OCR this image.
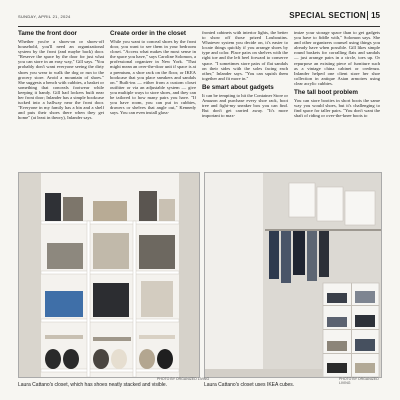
SUNDAY, APRIL 21, 2024	SPECIAL SECTION 15
Tame the front door

Whether you're a shoes-on or shoes-off household, you'll need an organizational system by the front (and maybe back) door. "Reserve the space by the door for just what you can store in an easy way," Gill says. "You probably don't want everyone seeing the dirty shoes you wear to walk the dog or run to the grocery store. Avoid a mountain of shoes." She suggests a bench with cubbies, a basket or something that conceals footwear while keeping it handy. Gill had lockers built near her front door; Inlander has a simple bookcase tucked into a hallway near the front door. "Everyone in my family has a bin and a shelf and puts their shoes there when they get home" (at least in theory), Inlander says.

Create order in the closet

While you want to conceal shoes by the front door, you want to see them in your bedroom closet. "Access what makes the most sense in the space you have," says Caroline Solomon, a professional organizer in New York. "That might mean an over-the-door unit if space is at a premium, a shoe rack on the floor, or IKEA bookcase that you place sneakers and sandals on." Built-ins — either from a custom closet outfitter or via an adjustable system — give you multiple ways to store shoes, and they can be tailored to how many pairs you have. "If you have room, you can put in cubbies, drawers or shelves that angle out," Kennedy says. You can even install glass-

fronted cabinets with interior lights, the better to show off those prized Louboutins. Whatever system you decide on, it's easier to locate things quickly if you arrange shoes by type and color. Place pairs on shelves with the right toe and the left heel forward to conserve space. "I sometimes store pairs of flat sandals on their sides with the soles facing each other," Inlander says. "You can squish them together and fit more in."

Be smart about gadgets

It can be tempting to hit the Container Store or Amazon and purchase every shoe rack, boot tree and fight-my sneaker box you can find. But don't get carried away. "It's more important to max-

imize your storage space than to get gadgets you have to fiddle with," Solomon says. She and other organizers counsel using things you already have when possible. Gill likes simple round baskets for corralling flats and sandals — just arrange pairs in a circle, toes up. Or repurpose an existing piece of furniture such as a vintage china cabinet or credenza. Inlander helped one client store her shoe collection in antique Asian armoires using clear acrylic cubbies.

The tall boot problem

You can store booties in short boots the same way you would shoes, but it's challenging to find space for taller pairs. "You don't want the shaft of riding or over-the-knee boots to

PHOTO BY ORGANIZED LIVING	PHOTO BY ORGANIZED LIVING
Laura Cattano's closet, which has shoes neatly stacked and visible.	Laura Cattano's closet uses IKEA cubes.
